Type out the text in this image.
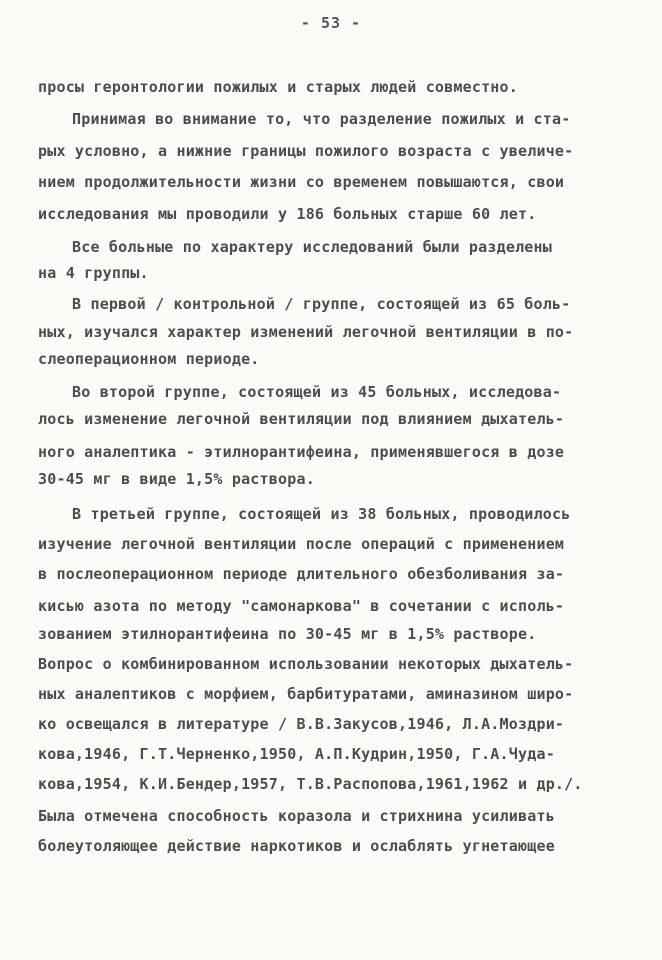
- 53 -
просы геронтологии пожилых и старых людей совместно.
Принимая во внимание то, что разделение пожилых и ста-
рых условно, а нижние границы пожилого возраста с увеличе-
нием продолжительности жизни со временем повышаются, свои
исследования мы проводили у 186 больных старше 60 лет.
Все больные по характеру исследований были разделены
на 4 группы.
В первой / контрольной / группе, состоящей из 65 боль-
ных, изучался характер изменений легочной вентиляции в по-
слеоперационном периоде.
Во второй группе, состоящей из 45 больных, исследова-
лось изменение легочной вентиляции под влиянием дыхатель-
ного аналептика - этилнорантифеина, применявшегося в дозе
30-45 мг в виде 1,5% раствора.
В третьей группе, состоящей из 38 больных, проводилось
изучение легочной вентиляции после операций с применением
в послеоперационном периоде длительного обезболивания за-
кисью азота по методу "самонаркова" в сочетании с исполь-
зованием этилнорантифеина по 30-45 мг в 1,5% растворе.
Вопрос о комбинированном использовании некоторых дыхатель-
ных аналептиков с морфием, барбитуратами, аминазином широ-
ко освещался в литературе / В.В.Закусов,1946, Л.А.Моздри-
кова,1946, Г.Т.Черненко,1950, А.П.Кудрин,1950, Г.А.Чуда-
кова,1954, К.И.Бендер,1957, Т.В.Распопова,1961,1962 и др./.
Была отмечена способность коразола и стрихнина усиливать
болеутоляющее действие наркотиков и ослаблять угнетающее
